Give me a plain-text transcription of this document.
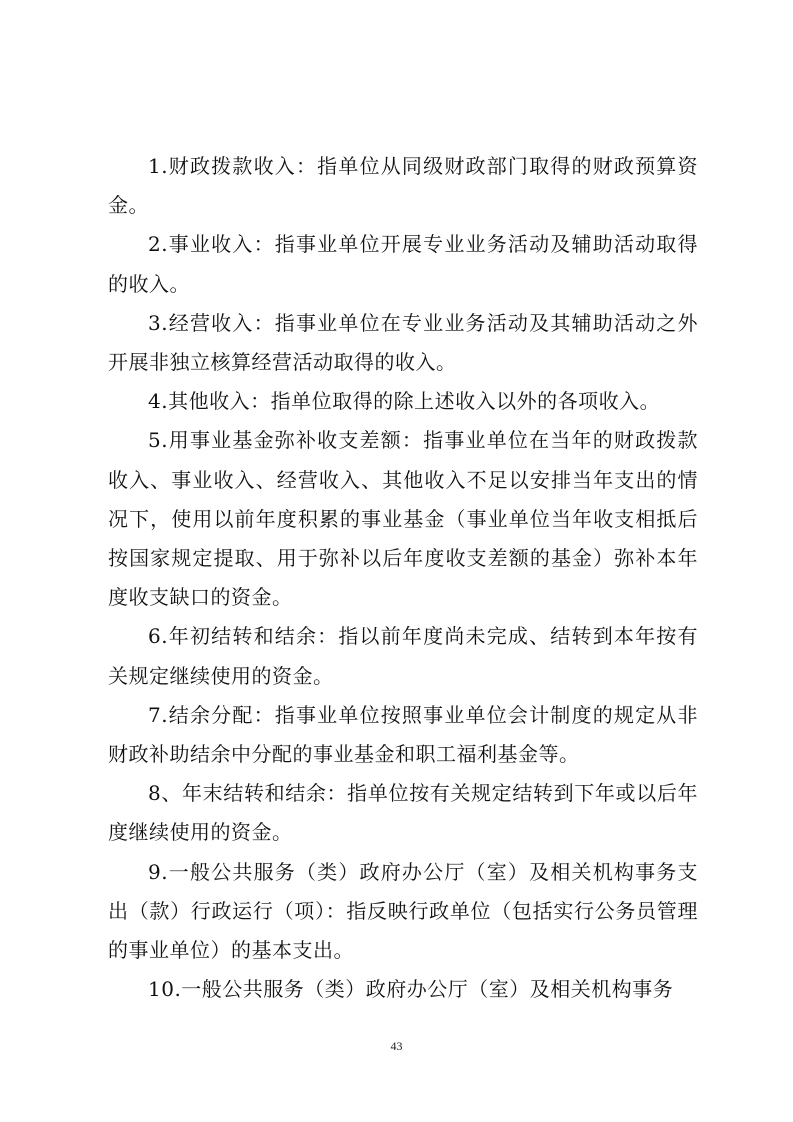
1.财政拨款收入：指单位从同级财政部门取得的财政预算资金。

2.事业收入：指事业单位开展专业业务活动及辅助活动取得的收入。

3.经营收入：指事业单位在专业业务活动及其辅助活动之外开展非独立核算经营活动取得的收入。

4.其他收入：指单位取得的除上述收入以外的各项收入。

5.用事业基金弥补收支差额：指事业单位在当年的财政拨款收入、事业收入、经营收入、其他收入不足以安排当年支出的情况下，使用以前年度积累的事业基金（事业单位当年收支相抵后按国家规定提取、用于弥补以后年度收支差额的基金）弥补本年度收支缺口的资金。

6.年初结转和结余：指以前年度尚未完成、结转到本年按有关规定继续使用的资金。

7.结余分配：指事业单位按照事业单位会计制度的规定从非财政补助结余中分配的事业基金和职工福利基金等。

8、年末结转和结余：指单位按有关规定结转到下年或以后年度继续使用的资金。

9.一般公共服务（类）政府办公厅（室）及相关机构事务支出（款）行政运行（项）：指反映行政单位（包括实行公务员管理的事业单位）的基本支出。

10.一般公共服务（类）政府办公厅（室）及相关机构事务

43
